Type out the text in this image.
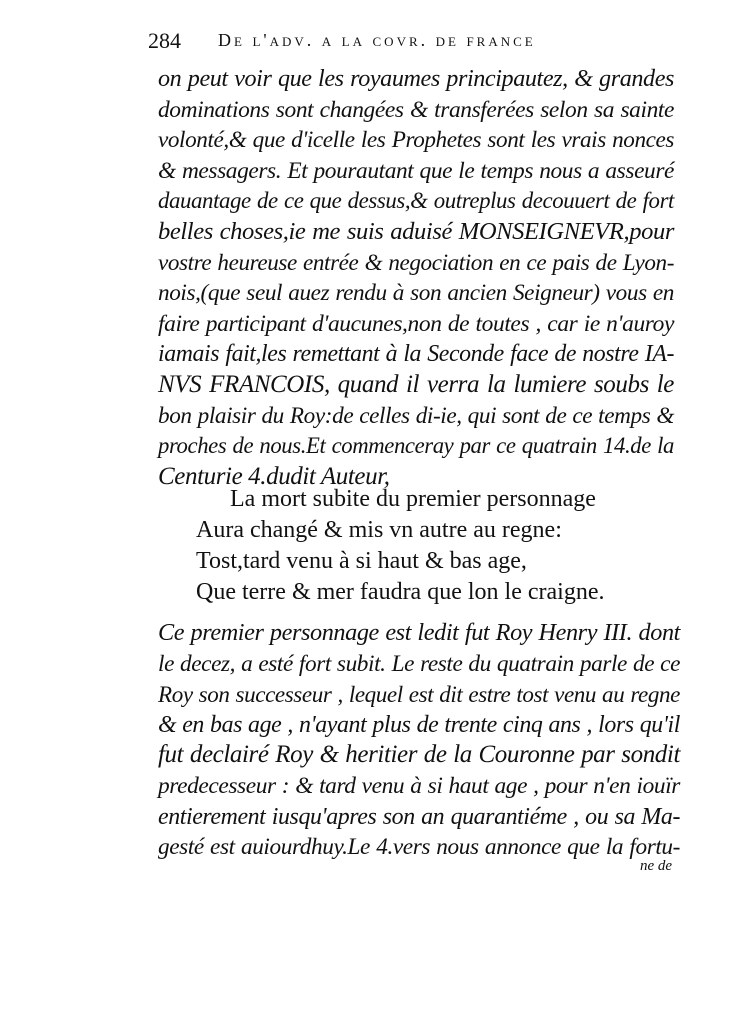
284 De l'adv. a la covr. de france
on peut voir que les royaumes principautez, & grandes
dominations sont changées & transferées selon sa sainte
volonté,& que d'icelle les Prophetes sont les vrais nonces
& messagers. Et pourautant que le temps nous a asseuré
dauantage de ce que dessus,& outreplus decouuert de fort
belles choses,ie me suis aduisé MONSEIGNEVR,pour
vostre heureuse entrée & negociation en ce pais de Lyon-
nois,(que seul auez rendu à son ancien Seigneur) vous en
faire participant d'aucunes,non de toutes , car ie n'auroy
iamais fait,les remettant à la Seconde face de nostre IA-
NVS FRANCOIS, quand il verra la lumiere soubs le
bon plaisir du Roy:de celles di-ie, qui sont de ce temps &
proches de nous.Et commenceray par ce quatrain 14.de la
Centurie 4.dudit Auteur,
La mort subite du premier personnage
Aura changé & mis vn autre au regne:
Tost,tard venu à si haut & bas age,
Que terre & mer faudra que lon le craigne.
Ce premier personnage est ledit fut Roy Henry III. dont
le decez, a esté fort subit. Le reste du quatrain parle de ce
Roy son successeur , lequel est dit estre tost venu au regne
& en bas age , n'ayant plus de trente cinq ans , lors qu'il
fut declairé Roy & heritier de la Couronne par sondit
predecesseur : & tard venu à si haut age , pour n'en iouïr
entierement iusqu'apres son an quarantiéme , ou sa Ma-
gesté est auiourdhuy.Le 4.vers nous annonce que la fortu-
ne de
